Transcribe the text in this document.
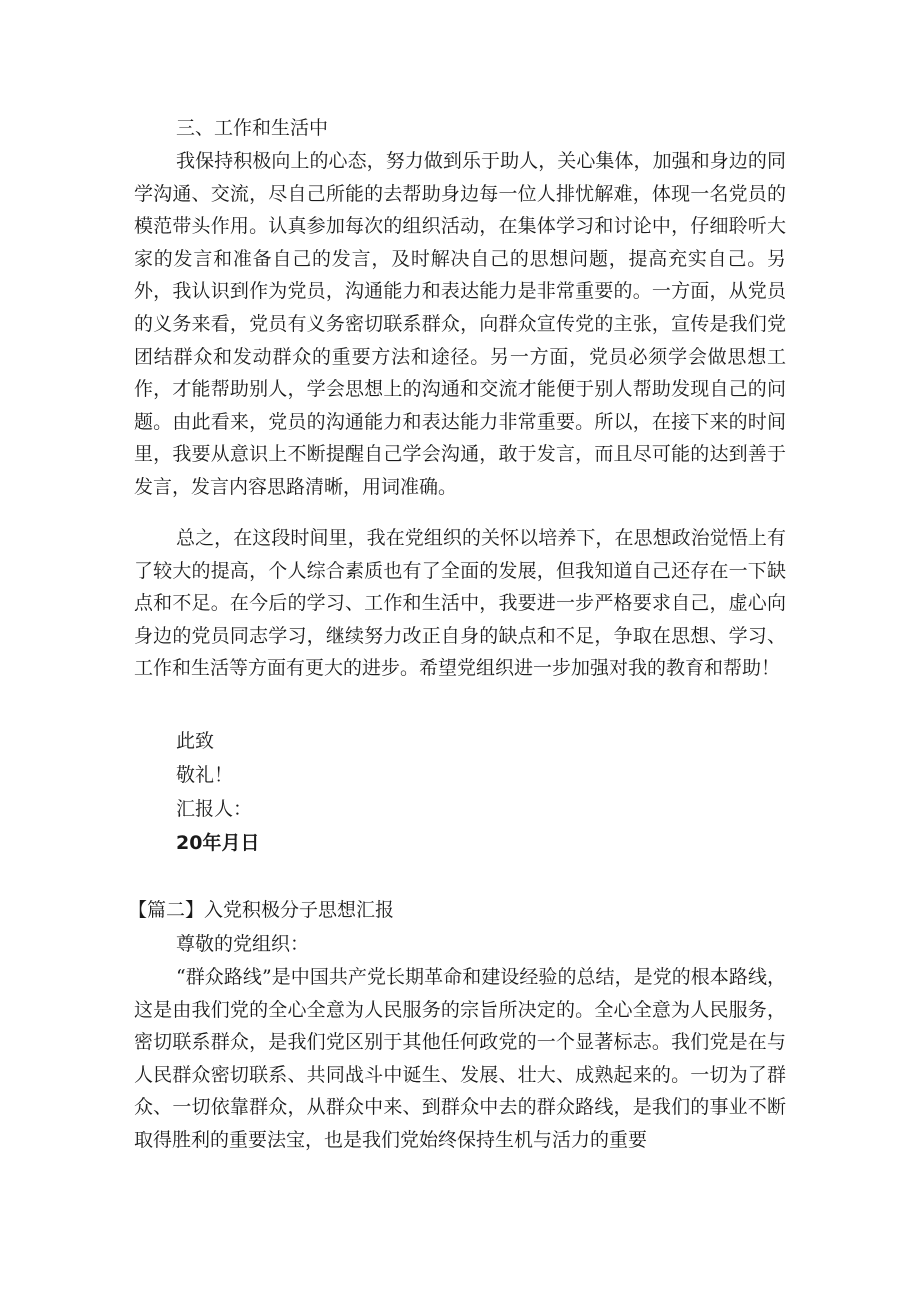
三、工作和生活中
我保持积极向上的心态，努力做到乐于助人，关心集体，加强和身边的同学沟通、交流，尽自己所能的去帮助身边每一位人排忧解难，体现一名党员的模范带头作用。认真参加每次的组织活动，在集体学习和讨论中，仔细聆听大家的发言和准备自己的发言，及时解决自己的思想问题，提高充实自己。另外，我认识到作为党员，沟通能力和表达能力是非常重要的。一方面，从党员的义务来看，党员有义务密切联系群众，向群众宣传党的主张，宣传是我们党团结群众和发动群众的重要方法和途径。另一方面，党员必须学会做思想工作，才能帮助别人，学会思想上的沟通和交流才能便于别人帮助发现自己的问题。由此看来，党员的沟通能力和表达能力非常重要。所以，在接下来的时间里，我要从意识上不断提醒自己学会沟通，敢于发言，而且尽可能的达到善于发言，发言内容思路清晰，用词准确。
总之，在这段时间里，我在党组织的关怀以培养下，在思想政治觉悟上有了较大的提高，个人综合素质也有了全面的发展，但我知道自己还存在一下缺点和不足。在今后的学习、工作和生活中，我要进一步严格要求自己，虚心向身边的党员同志学习，继续努力改正自身的缺点和不足，争取在思想、学习、工作和生活等方面有更大的进步。希望党组织进一步加强对我的教育和帮助！
此致
敬礼！
汇报人：
20年月日
【篇二】入党积极分子思想汇报
尊敬的党组织：
“群众路线”是中国共产党长期革命和建设经验的总结，是党的根本路线，这是由我们党的全心全意为人民服务的宗旨所决定的。全心全意为人民服务，密切联系群众，是我们党区别于其他任何政党的一个显著标志。我们党是在与人民群众密切联系、共同战斗中诞生、发展、壮大、成熟起来的。一切为了群众、一切依靠群众，从群众中来、到群众中去的群众路线，是我们的事业不断取得胜利的重要法宝，也是我们党始终保持生机与活力的重要
